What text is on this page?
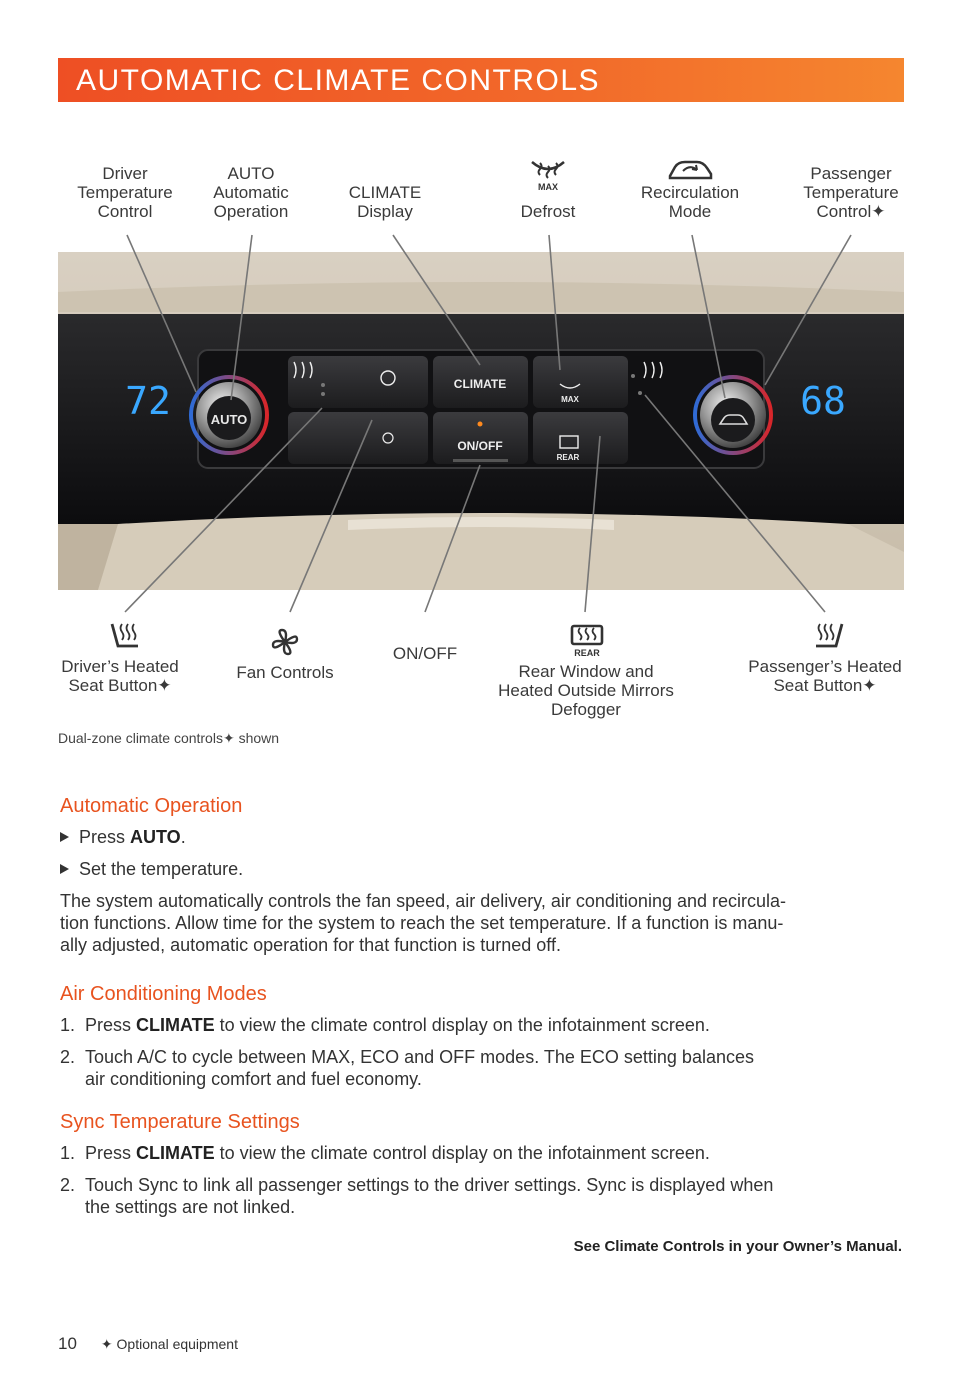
AUTOMATIC CLIMATE CONTROLS
Driver
Temperature
Control
AUTO
Automatic
Operation
CLIMATE
Display
MAX
Defrost
Recirculation
Mode
Passenger
Temperature
Control✦
AUTO
72	68
CLIMATE
ON/OFF
MAX
REAR
Driver’s Heated
Seat Button✦
Fan Controls
ON/OFF	REAR
Rear Window and
Heated Outside Mirrors
Defogger
Passenger’s Heated
Seat Button✦
Dual-zone climate controls✦ shown
Automatic Operation
Press AUTO.
Set the temperature.
The system automatically controls the fan speed, air delivery, air conditioning and recircula-
tion functions. Allow time for the system to reach the set temperature. If a function is manu-
ally adjusted, automatic operation for that function is turned off.
Air Conditioning Modes
1. Press CLIMATE to view the climate control display on the infotainment screen.
2. Touch A/C to cycle between MAX, ECO and OFF modes. The ECO setting balances
air conditioning comfort and fuel economy.
Sync Temperature Settings
1. Press CLIMATE to view the climate control display on the infotainment screen.
2. Touch Sync to link all passenger settings to the driver settings. Sync is displayed when
the settings are not linked.
See Climate Controls in your Owner’s Manual.
10 ✦ Optional equipment
